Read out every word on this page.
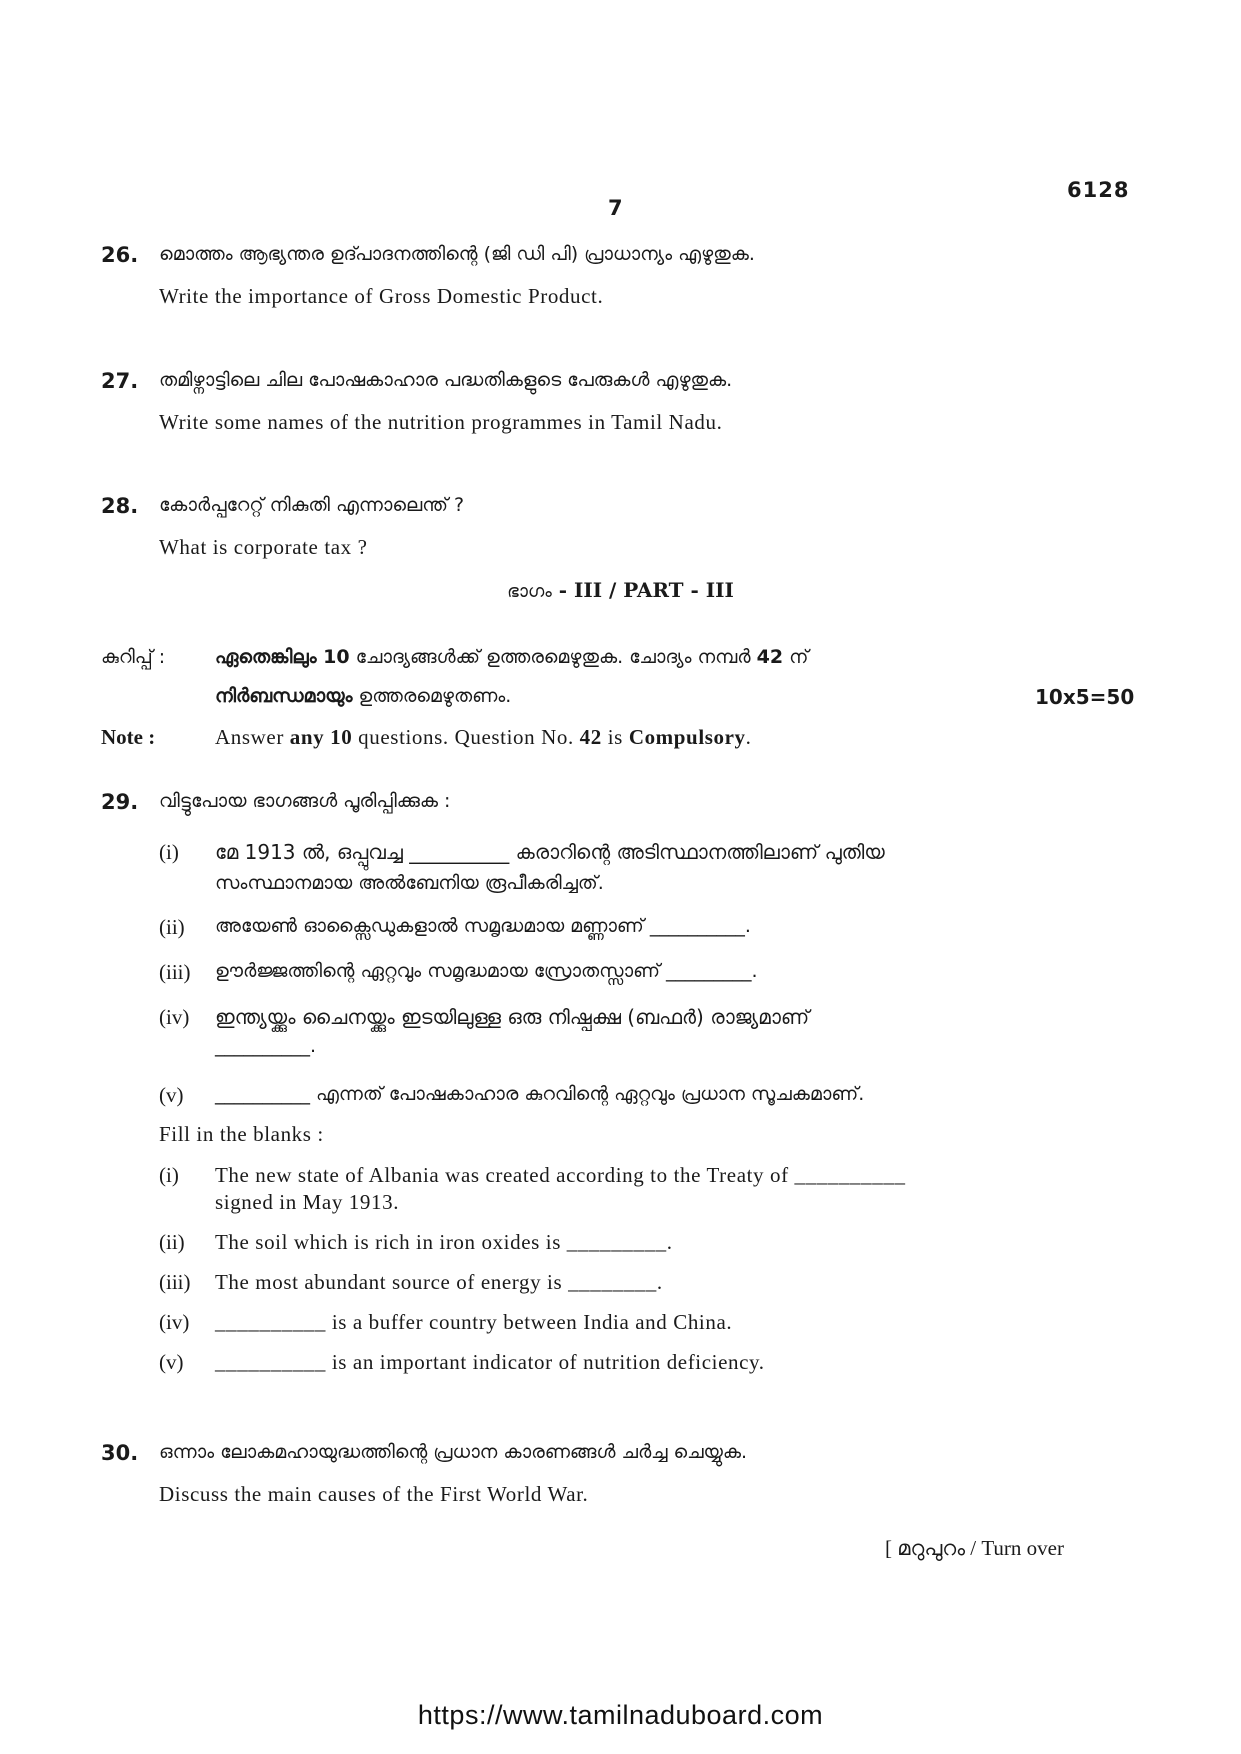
6128
7
26. മൊത്തം ആഭ്യന്തര ഉദ്പാദനത്തിന്റെ (ജി ഡി പി) പ്രാധാന്യം എഴുതുക.
Write the importance of Gross Domestic Product.
27. തമിഴ്നാട്ടിലെ ചില പോഷകാഹാര പദ്ധതികളുടെ പേരുകൾ എഴുതുക.
Write some names of the nutrition programmes in Tamil Nadu.
28. കോർപ്പറേറ്റ് നികുതി എന്നാലെന്ത് ?
What is corporate tax ?
ഭാഗം - III / PART - III
കുറിപ്പ് :	ഏതെങ്കിലും 10 ചോദ്യങ്ങൾക്ക് ഉത്തരമെഴുതുക. ചോദ്യം നമ്പർ 42 ന്
നിർബന്ധമായും ഉത്തരമെഴുതണം.	10x5=50
Note :	Answer any 10 questions. Question No. 42 is Compulsory.
29. വിട്ടുപോയ ഭാഗങ്ങൾ പൂരിപ്പിക്കുക :
(i) മേ 1913 ൽ, ഒപ്പുവച്ച __________ കരാറിന്റെ അടിസ്ഥാനത്തിലാണ് പുതിയ
സംസ്ഥാനമായ അൽബേനിയ രൂപീകരിച്ചത്.
(ii) അയേൺ ഓക്സൈഡുകളാൽ സമൃദ്ധമായ മണ്ണാണ് __________.
(iii) ഊർജ്ജത്തിന്റെ ഏറ്റവും സമൃദ്ധമായ സ്രോതസ്സാണ് _________.
(iv) ഇന്ത്യയ്ക്കും ചൈനയ്ക്കും ഇടയിലുള്ള ഒരു നിഷ്പക്ഷ (ബഫർ) രാജ്യമാണ്
__________.
(v) __________ എന്നത് പോഷകാഹാര കുറവിന്റെ ഏറ്റവും പ്രധാന സൂചകമാണ്.
Fill in the blanks :
(i) The new state of Albania was created according to the Treaty of __________
signed in May 1913.
(ii) The soil which is rich in iron oxides is _________.
(iii) The most abundant source of energy is ________.
(iv) __________ is a buffer country between India and China.
(v) __________ is an important indicator of nutrition deficiency.
30. ഒന്നാം ലോകമഹായുദ്ധത്തിന്റെ പ്രധാന കാരണങ്ങൾ ചർച്ച ചെയ്യുക.
Discuss the main causes of the First World War.
[ മറുപുറം / Turn over
https://www.tamilnaduboard.com
